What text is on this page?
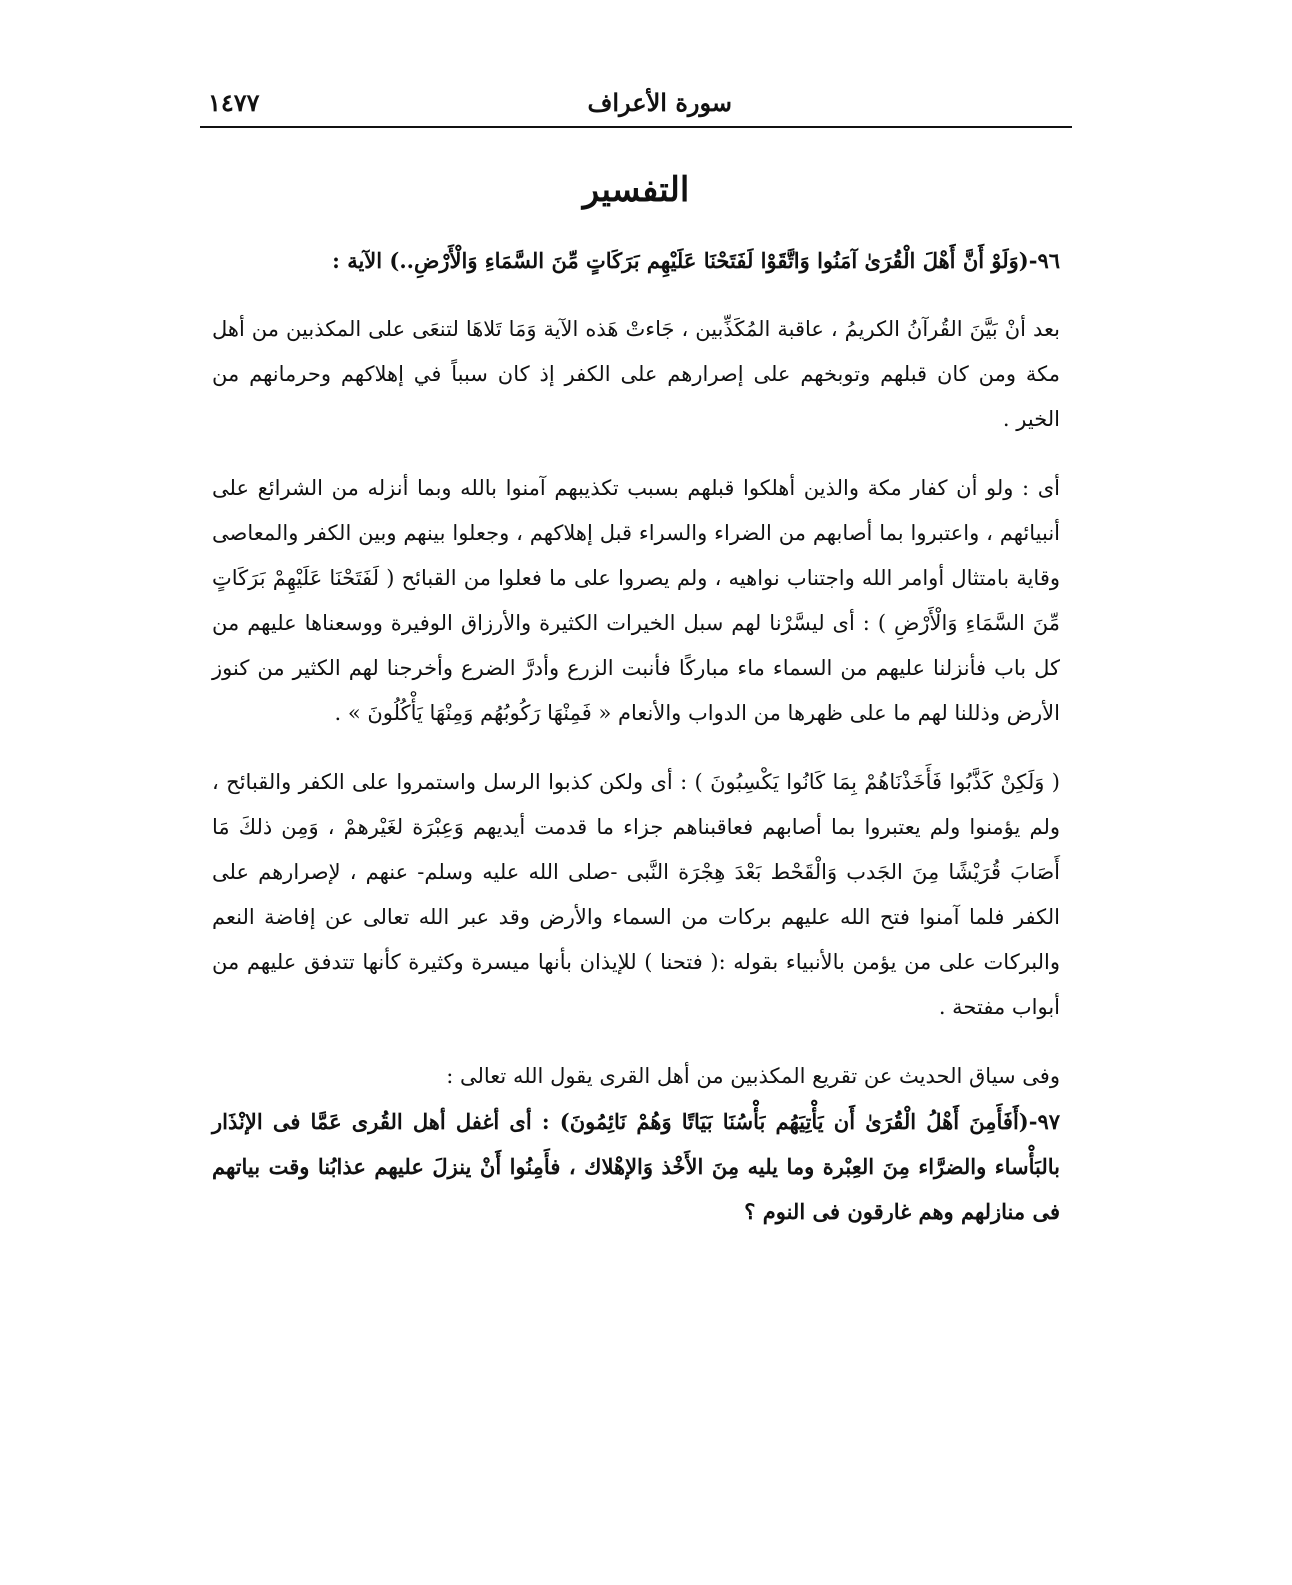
سورة الأعراف
١٤٧٧
التفسير

٩٦-(وَلَوْ أَنَّ أَهْلَ الْقُرَىٰ آمَنُوا وَاتَّقَوْا لَفَتَحْنَا عَلَيْهِم بَرَكَاتٍ مِّنَ السَّمَاءِ وَالْأَرْضِ..) الآية :

بعد أنْ بَيَّنَ القُرآنُ الكريمُ ، عاقبة المُكَذِّبين ، جَاءتْ هَذه الآية وَمَا تَلاهَا لتنعَى على المكذبين من أهل مكة ومن كان قبلهم وتوبخهم على إصرارهم على الكفر إذ كان سبباً في إهلاكهم وحرمانهم من الخير .

أى : ولو أن كفار مكة والذين أهلكوا قبلهم بسبب تكذيبهم آمنوا بالله وبما أنزله من الشرائع على أنبيائهم ، واعتبروا بما أصابهم من الضراء والسراء قبل إهلاكهم ، وجعلوا بينهم وبين الكفر والمعاصى وقاية بامتثال أوامر الله واجتناب نواهيه ، ولم يصروا على ما فعلوا من القبائح ( لَفَتَحْنَا عَلَيْهِمْ بَرَكَاتٍ مِّنَ السَّمَاءِ وَالْأَرْضِ ) : أى ليسَّرْنا لهم سبل الخيرات الكثيرة والأرزاق الوفيرة ووسعناها عليهم من كل باب فأنزلنا عليهم من السماء ماء مباركًا فأنبت الزرع وأدرَّ الضرع وأخرجنا لهم الكثير من كنوز الأرض وذللنا لهم ما على ظهرها من الدواب والأنعام « فَمِنْهَا رَكُوبُهُم وَمِنْهَا يَأْكُلُونَ » .

( وَلَكِنْ كَذَّبُوا فَأَخَذْنَاهُمْ بِمَا كَانُوا يَكْسِبُونَ ) : أى ولكن كذبوا الرسل واستمروا على الكفر والقبائح ، ولم يؤمنوا ولم يعتبروا بما أصابهم فعاقبناهم جزاء ما قدمت أيديهم وَعِبْرَة لغَيْرهمْ ، وَمِن ذلكَ مَا أَصَابَ قُرَيْشًا مِنَ الجَدب وَالْقَحْط بَعْدَ هِجْرَة النَّبى -صلى الله عليه وسلم- عنهم ، لإصرارهم على الكفر فلما آمنوا فتح الله عليهم بركات من السماء والأرض وقد عبر الله تعالى عن إفاضة النعم والبركات على من يؤمن بالأنبياء بقوله :( فتحنا ) للإيذان بأنها ميسرة وكثيرة كأنها تتدفق عليهم من أبواب مفتحة .

وفى سياق الحديث عن تقريع المكذبين من أهل القرى يقول الله تعالى :

٩٧-(أَفَأَمِنَ أَهْلُ الْقُرَىٰ أَن يَأْتِيَهُم بَأْسُنَا بَيَاتًا وَهُمْ نَائِمُونَ) : أى أغفل أهل القُرى عَمَّا فى الإنْذَار بالبَأْساء والضرَّاء مِنَ العِبْرة وما يليه مِنَ الأَخْذ وَالإهْلاك ، فأَمِنُوا أَنْ ينزلَ عليهم عذابُنا وقت بياتهم فى منازلهم وهم غارقون فى النوم ؟
